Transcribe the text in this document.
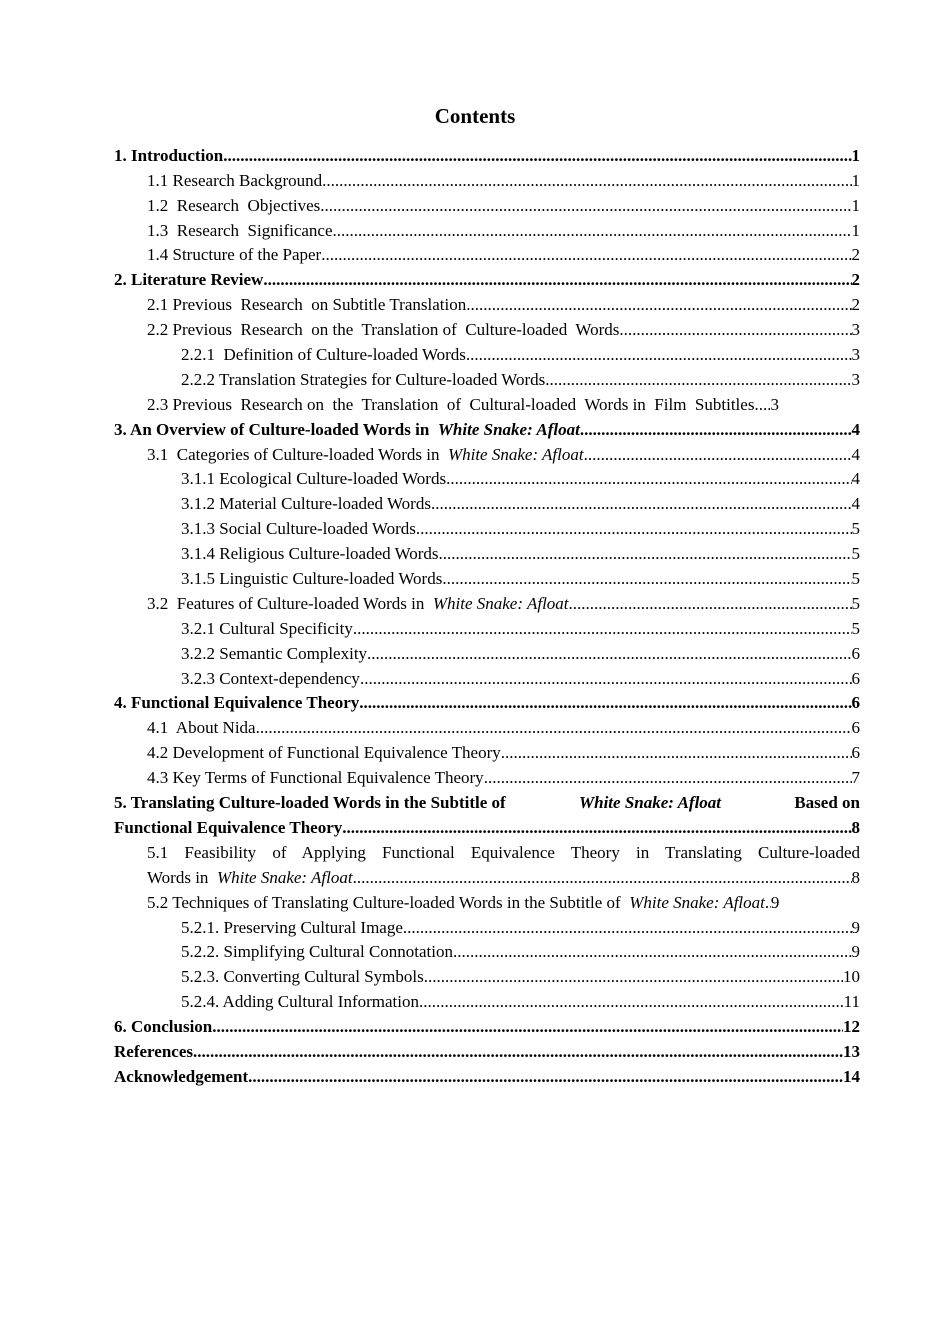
Contents
1. Introduction .....	1
1.1 Research Background .....	1
1.2  Research  Objectives .....	1
1.3  Research  Significance .....	1
1.4 Structure of the Paper .....	2
2. Literature Review .....	2
2.1 Previous  Research  on Subtitle Translation .....	2
2.2 Previous  Research  on the  Translation of  Culture-loaded  Words .....	3
2.2.1  Definition of Culture-loaded Words .....	3
2.2.2 Translation Strategies for Culture-loaded Words .....	3
2.3 Previous  Research on  the  Translation  of  Cultural-loaded  Words in  Film  Subtitles ..... 3
3. An Overview of Culture-loaded Words in  White Snake: Afloat .....	4
3.1  Categories of Culture-loaded Words in  White Snake: Afloat .....	4
3.1.1 Ecological Culture-loaded Words .....	4
3.1.2 Material Culture-loaded Words .....	4
3.1.3 Social Culture-loaded Words .....	5
3.1.4 Religious Culture-loaded Words .....	5
3.1.5 Linguistic Culture-loaded Words .....	5
3.2  Features of Culture-loaded Words in  White Snake: Afloat .....	5
3.2.1 Cultural Specificity .....	5
3.2.2 Semantic Complexity .....	6
3.2.3 Context-dependency .....	6
4. Functional Equivalence Theory .....	6
4.1  About Nida .....	6
4.2 Development of Functional Equivalence Theory .....	6
4.3 Key Terms of Functional Equivalence Theory .....	7
5. Translating Culture-loaded Words in the Subtitle of	White Snake: Afloat	Based on
Functional Equivalence Theory .....	8
5.1 Feasibility of Applying Functional Equivalence Theory in Translating Culture-loaded
Words in  White Snake: Afloat .....	8
5.2 Techniques of Translating Culture-loaded Words in the Subtitle of  White Snake: Afloat ..... 9
5.2.1. Preserving Cultural Image .....	9
5.2.2. Simplifying Cultural Connotation .....	9
5.2.3. Converting Cultural Symbols .....	10
5.2.4. Adding Cultural Information .....	11
6. Conclusion .....	12
References .....	13
Acknowledgement .....	14
